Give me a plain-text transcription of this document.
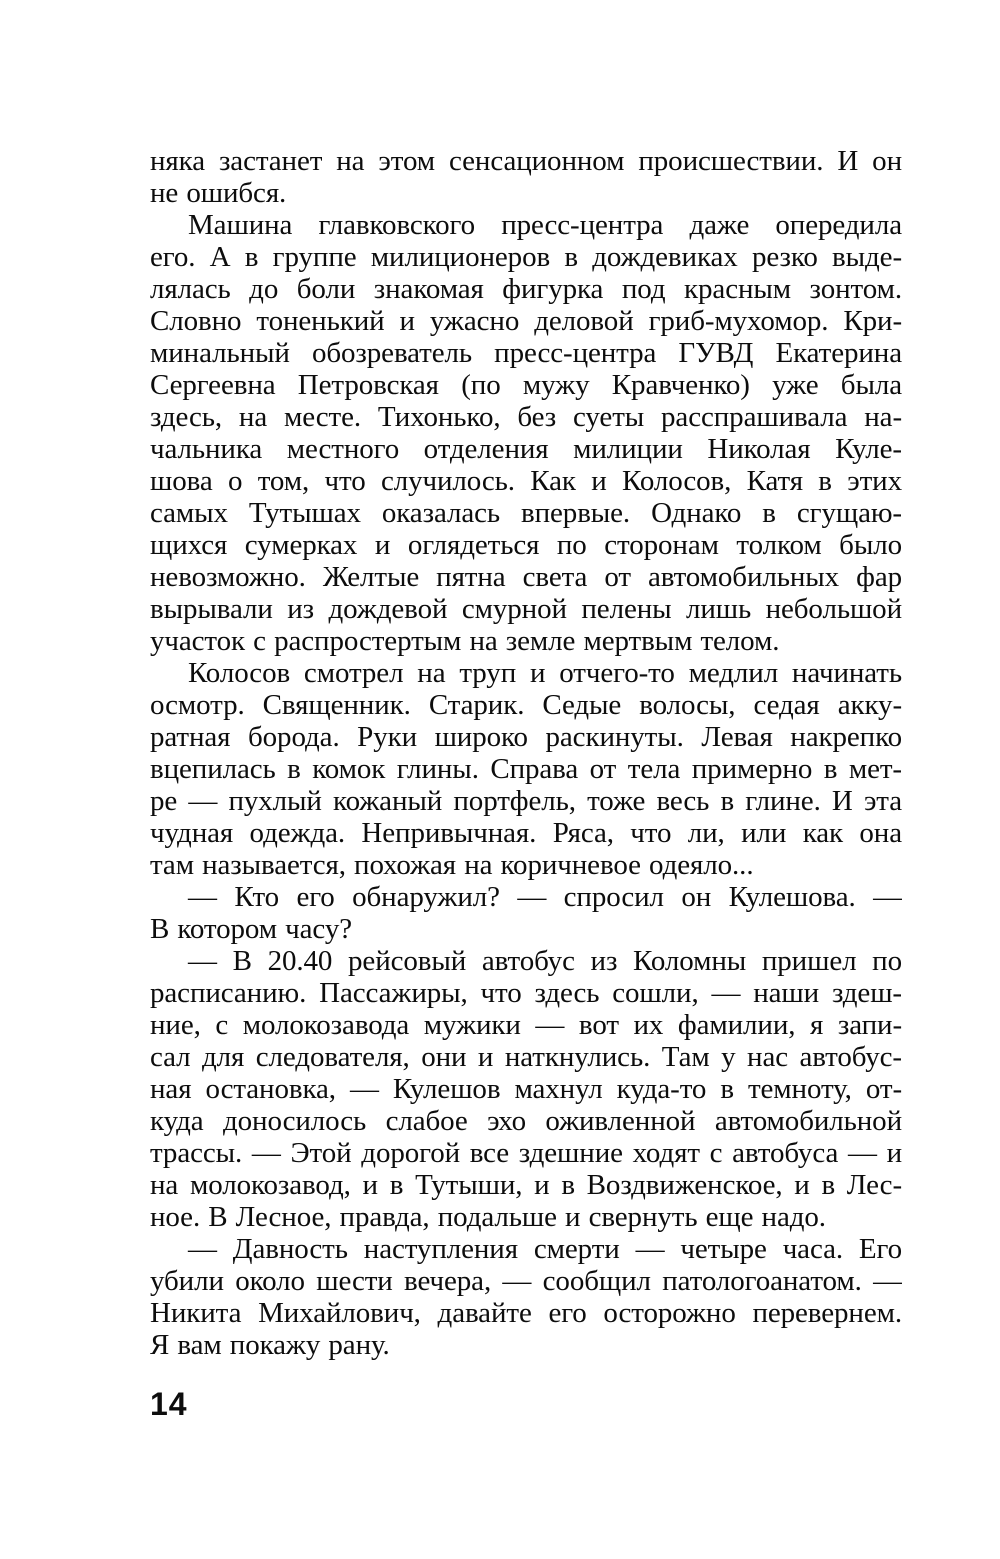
няка застанет на этом сенсационном происшествии. И он
не ошибся.
Машина главковского пресс-центра даже опередила
его. А в группе милиционеров в дождевиках резко выде-
лялась до боли знакомая фигурка под красным зонтом.
Словно тоненький и ужасно деловой гриб-мухомор. Кри-
минальный обозреватель пресс-центра ГУВД Екатерина
Сергеевна Петровская (по мужу Кравченко) уже была
здесь, на месте. Тихонько, без суеты расспрашивала на-
чальника местного отделения милиции Николая Куле-
шова о том, что случилось. Как и Колосов, Катя в этих
самых Тутышах оказалась впервые. Однако в сгущаю-
щихся сумерках и оглядеться по сторонам толком было
невозможно. Желтые пятна света от автомобильных фар
вырывали из дождевой смурной пелены лишь небольшой
участок с распростертым на земле мертвым телом.
Колосов смотрел на труп и отчего-то медлил начинать
осмотр. Священник. Старик. Седые волосы, седая акку-
ратная борода. Руки широко раскинуты. Левая накрепко
вцепилась в комок глины. Справа от тела примерно в мет-
ре — пухлый кожаный портфель, тоже весь в глине. И эта
чудная одежда. Непривычная. Ряса, что ли, или как она
там называется, похожая на коричневое одеяло...
— Кто его обнаружил? — спросил он Кулешова. —
В котором часу?
— В 20.40 рейсовый автобус из Коломны пришел по
расписанию. Пассажиры, что здесь сошли, — наши здеш-
ние, с молокозавода мужики — вот их фамилии, я запи-
сал для следователя, они и наткнулись. Там у нас автобус-
ная остановка, — Кулешов махнул куда-то в темноту, от-
куда доносилось слабое эхо оживленной автомобильной
трассы. — Этой дорогой все здешние ходят с автобуса — и
на молокозавод, и в Тутыши, и в Воздвиженское, и в Лес-
ное. В Лесное, правда, подальше и свернуть еще надо.
— Давность наступления смерти — четыре часа. Его
убили около шести вечера, — сообщил патологоанатом. —
Никита Михайлович, давайте его осторожно перевернем.
Я вам покажу рану.
14
